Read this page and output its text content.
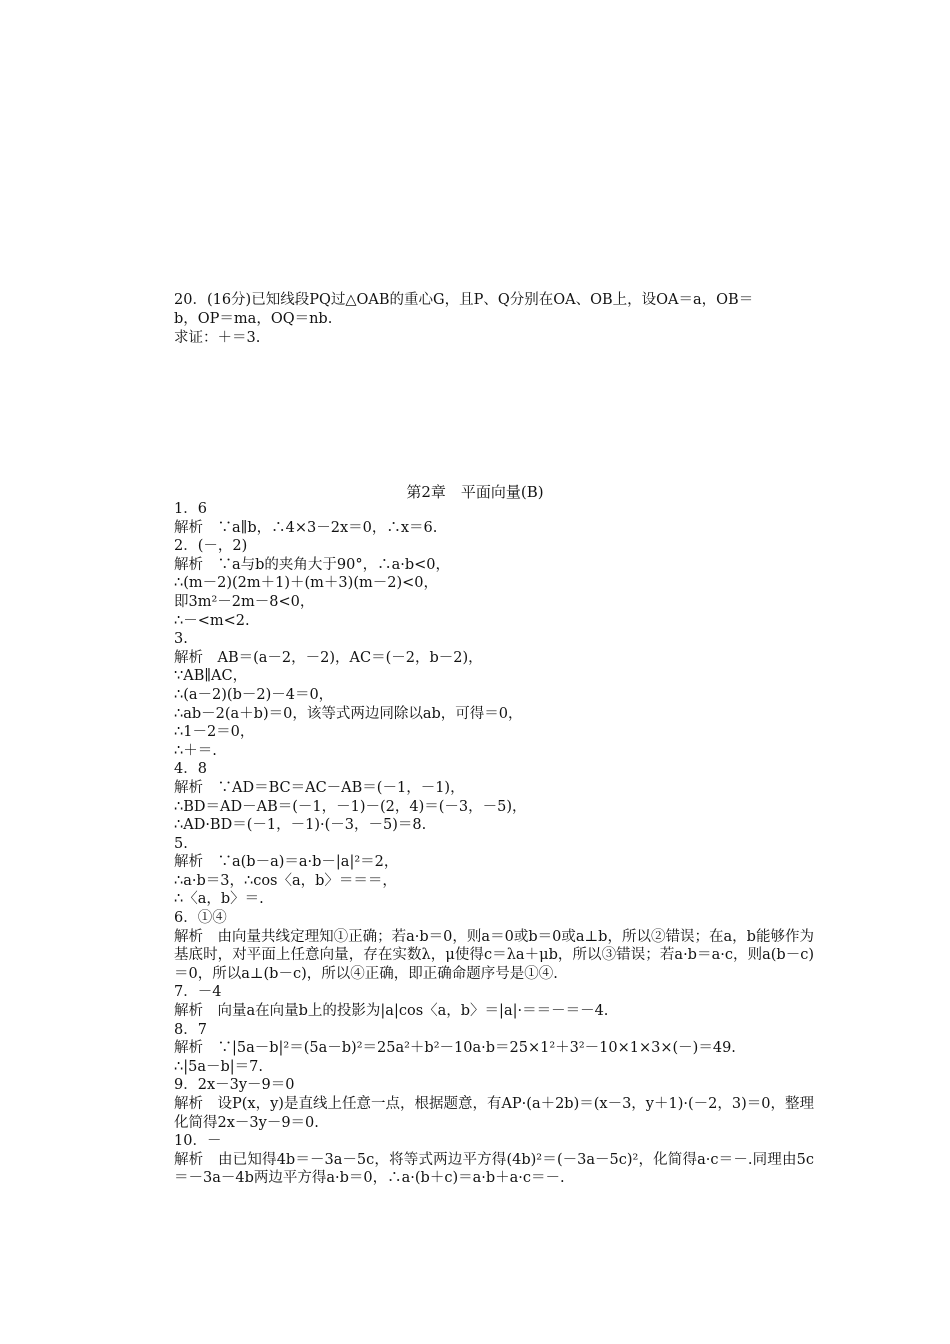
20．(16分)已知线段PQ过△OAB的重心G，且P、Q分别在OA、OB上，设OA＝a，OB＝

b，OP＝ma，OQ＝nb.

求证：＋＝3.

第2章　平面向量(B)

1．6

解析　∵a∥b，∴4×3－2x＝0，∴x＝6.

2．(－，2)

解析　∵a与b的夹角大于90°，∴a·b<0，

∴(m－2)(2m＋1)＋(m＋3)(m－2)<0，

即3m²－2m－8<0，

∴－<m<2.

3.

解析　AB＝(a－2，－2)，AC＝(－2，b－2)，

∵AB∥AC，

∴(a－2)(b－2)－4＝0，

∴ab－2(a＋b)＝0，该等式两边同除以ab，可得＝0，

∴1－2＝0，

∴＋＝.

4．8

解析　∵AD＝BC＝AC－AB＝(－1，－1)，

∴BD＝AD－AB＝(－1，－1)－(2，4)＝(－3，－5)，

∴AD·BD＝(－1，－1)·(－3，－5)＝8.

5.

解析　∵a(b－a)＝a·b－|a|²＝2，

∴a·b＝3，∴cos〈a，b〉＝＝＝，

∴〈a，b〉＝.

6．①④

解析　由向量共线定理知①正确；若a·b＝0，则a＝0或b＝0或a⊥b，所以②错误；在a，b能够作为基底时，对平面上任意向量，存在实数λ，μ使得c＝λa＋μb，所以③错误；若a·b＝a·c，则a(b－c)＝0，所以a⊥(b－c)，所以④正确，即正确命题序号是①④.

7．－4

解析　向量a在向量b上的投影为|a|cos〈a，b〉＝|a|·＝＝－＝－4.

8．7

解析　∵|5a－b|²＝(5a－b)²＝25a²＋b²－10a·b＝25×1²＋3²－10×1×3×(－)＝49.

∴|5a－b|＝7.

9．2x－3y－9＝0

解析　设P(x，y)是直线上任意一点，根据题意，有AP·(a＋2b)＝(x－3，y＋1)·(－2，3)＝0，整理化简得2x－3y－9＝0.

10．－

解析　由已知得4b＝－3a－5c，将等式两边平方得(4b)²＝(－3a－5c)²，化简得a·c＝－.同理由5c＝－3a－4b两边平方得a·b＝0，∴a·(b＋c)＝a·b＋a·c＝－.
